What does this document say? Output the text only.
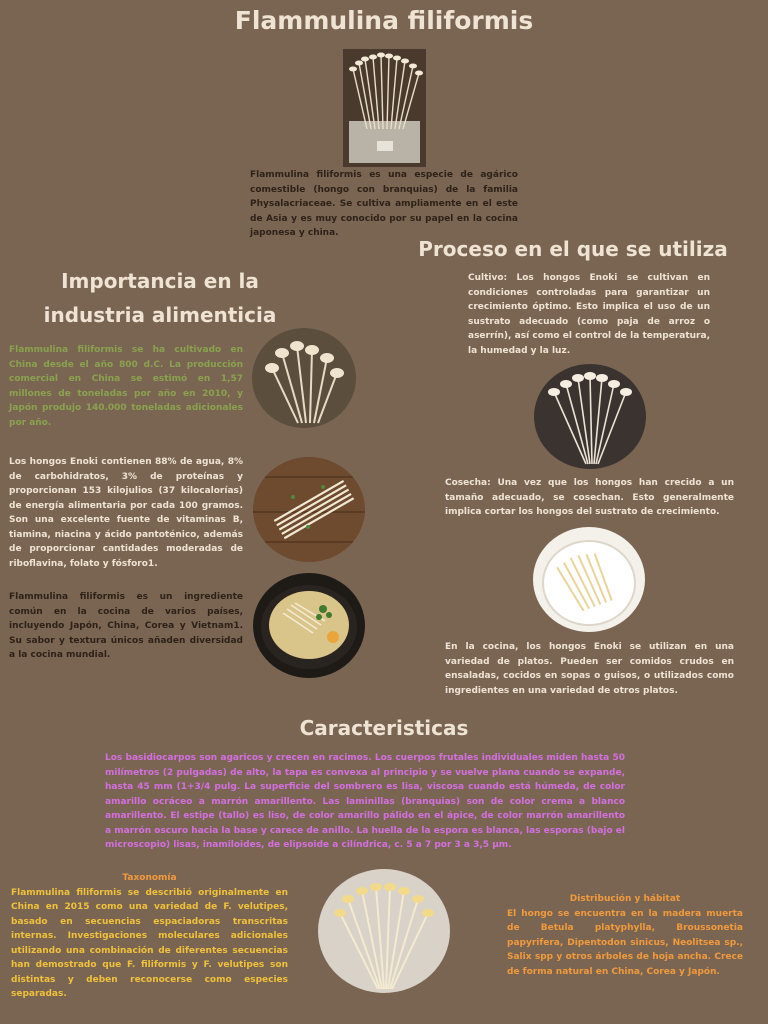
Flammulina filiformis

Flammulina filiformis es una especie de agárico comestible (hongo con branquias) de la familia Physalacriaceae. Se cultiva ampliamente en el este de Asia y es muy conocido por su papel en la cocina japonesa y china.

Proceso en el que se utiliza
Importancia en la
industria alimenticia

Cultivo: Los hongos Enoki se cultivan en condiciones controladas para garantizar un crecimiento óptimo. Esto implica el uso de un sustrato adecuado (como paja de arroz o aserrín), así como el control de la temperatura, la humedad y la luz.

Flammulina filiformis se ha cultivado en China desde el año 800 d.C. La producción comercial en China se estimó en 1,57 millones de toneladas por año en 2010, y Japón produjo 140.000 toneladas adicionales por año.

Los hongos Enoki contienen 88% de agua, 8% de carbohidratos, 3% de proteínas y proporcionan 153 kilojulios (37 kilocalorías) de energía alimentaria por cada 100 gramos. Son una excelente fuente de vitaminas B, tiamina, niacina y ácido pantoténico, además de proporcionar cantidades moderadas de riboflavina, folato y fósforo1.

Cosecha: Una vez que los hongos han crecido a un tamaño adecuado, se cosechan. Esto generalmente implica cortar los hongos del sustrato de crecimiento.

Flammulina filiformis es un ingrediente común en la cocina de varios países, incluyendo Japón, China, Corea y Vietnam1. Su sabor y textura únicos añaden diversidad a la cocina mundial.

En la cocina, los hongos Enoki se utilizan en una variedad de platos. Pueden ser comidos crudos en ensaladas, cocidos en sopas o guisos, o utilizados como ingredientes en una variedad de otros platos.

Caracteristicas

Los basidiocarpos son agaricos y crecen en racimos. Los cuerpos frutales individuales miden hasta 50 milímetros (2 pulgadas) de alto, la tapa es convexa al principio y se vuelve plana cuando se expande, hasta 45 mm (1+3/4 pulg. La superficie del sombrero es lisa, viscosa cuando está húmeda, de color amarillo ocráceo a marrón amarillento. Las laminillas (branquias) son de color crema a blanco amarillento. El estipe (tallo) es liso, de color amarillo pálido en el ápice, de color marrón amarillento a marrón oscuro hacia la base y carece de anillo. La huella de la espora es blanca, las esporas (bajo el microscopio) lisas, inamiloides, de elipsoide a cilíndrica, c. 5 a 7 por 3 a 3,5 μm.

Taxonomía

Flammulina filiformis se describió originalmente en China en 2015 como una variedad de F. velutipes, basado en secuencias espaciadoras transcritas internas. Investigaciones moleculares adicionales utilizando una combinación de diferentes secuencias han demostrado que F. filiformis y F. velutipes son distintas y deben reconocerse como especies separadas.

Distribución y hábitat

El hongo se encuentra en la madera muerta de Betula platyphylla, Broussonetia papyrifera, Dipentodon sinicus, Neolitsea sp., Salix spp y otros árboles de hoja ancha. Crece de forma natural en China, Corea y Japón.
